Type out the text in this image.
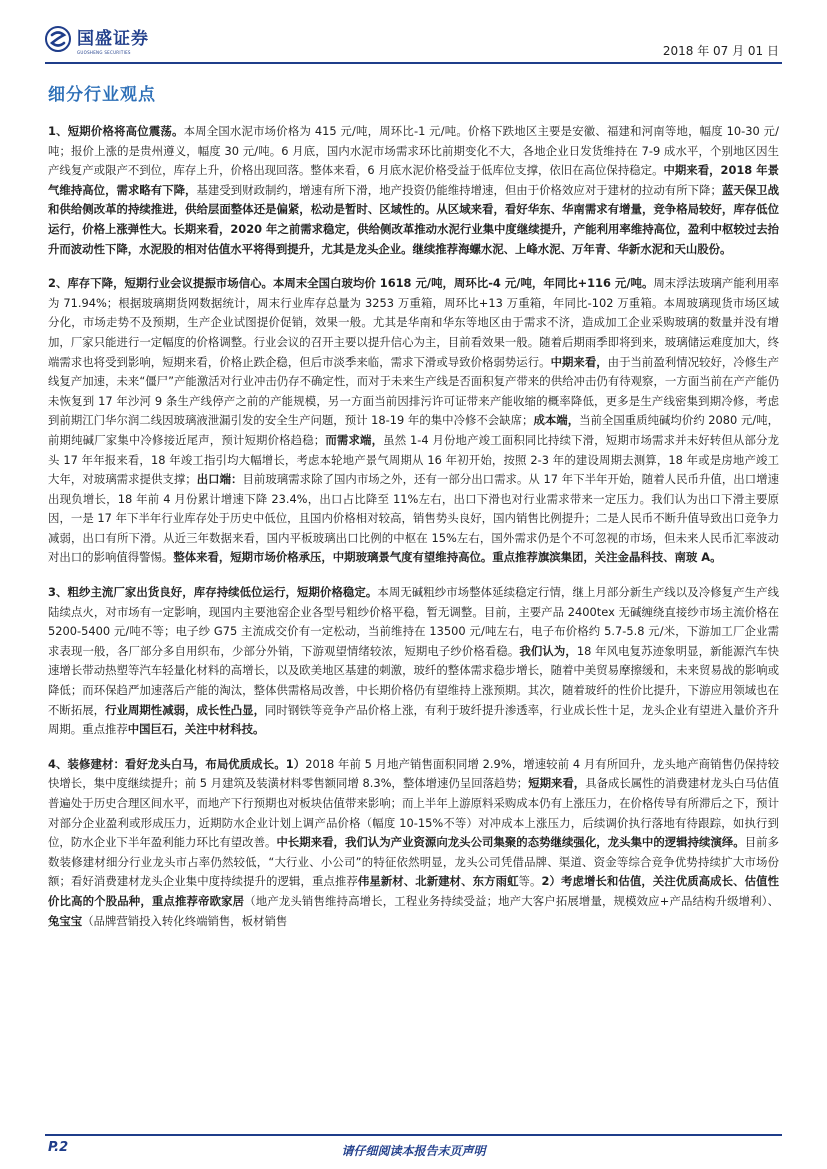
国盛证券
GUOSHENG SECURITIES	2018 年 07 月 01 日
细分行业观点

1、短期价格将高位震荡。本周全国水泥市场价格为 415 元/吨，周环比-1 元/吨。价格下跌地区主要是安徽、福建和河南等地，幅度 10-30 元/吨；报价上涨的是贵州遵义，幅度 30 元/吨。6 月底，国内水泥市场需求环比前期变化不大，各地企业日发货维持在 7-9 成水平，个别地区因生产线复产或限产不到位，库存上升，价格出现回落。整体来看，6 月底水泥价格受益于低库位支撑，依旧在高位保持稳定。中期来看，2018 年景气维持高位，需求略有下降，基建受到财政制约，增速有所下滑，地产投资仍能维持增速，但由于价格效应对于建材的拉动有所下降；蓝天保卫战和供给侧改革的持续推进，供给层面整体还是偏紧，松动是暂时、区域性的。从区域来看，看好华东、华南需求有增量，竞争格局较好，库存低位运行，价格上涨弹性大。长期来看，2020 年之前需求稳定，供给侧改革推动水泥行业集中度继续提升，产能利用率维持高位，盈利中枢较过去抬升而波动性下降，水泥股的相对估值水平将得到提升，尤其是龙头企业。继续推荐海螺水泥、上峰水泥、万年青、华新水泥和天山股份。

2、库存下降，短期行业会议提振市场信心。本周末全国白玻均价 1618 元/吨，周环比-4 元/吨，年同比+116 元/吨。周末浮法玻璃产能利用率为 71.94%；根据玻璃期货网数据统计，周末行业库存总量为 3253 万重箱，周环比+13 万重箱，年同比-102 万重箱。本周玻璃现货市场区域分化，市场走势不及预期，生产企业试图提价促销，效果一般。尤其是华南和华东等地区由于需求不济，造成加工企业采购玻璃的数量并没有增加，厂家只能进行一定幅度的价格调整。行业会议的召开主要以提升信心为主，目前看效果一般。随着后期雨季即将到来，玻璃储运难度加大，终端需求也将受到影响，短期来看，价格止跌企稳，但后市淡季来临，需求下滑或导致价格弱势运行。中期来看，由于当前盈利情况较好，冷修生产线复产加速，未来“僵尸”产能激活对行业冲击仍存不确定性，而对于未来生产线是否面积复产带来的供给冲击仍有待观察，一方面当前在产产能仍未恢复到 17 年沙河 9 条生产线停产之前的产能规模，另一方面当前因排污许可证带来产能收缩的概率降低，更多是生产线密集到期冷修，考虑到前期江门华尔润二线因玻璃液泄漏引发的安全生产问题，预计 18-19 年的集中冷修不会缺席；成本端，当前全国重质纯碱均价约 2080 元/吨，前期纯碱厂家集中冷修接近尾声，预计短期价格趋稳；而需求端，虽然 1-4 月份地产竣工面积同比持续下滑，短期市场需求并未好转但从部分龙头 17 年年报来看，18 年竣工指引均大幅增长，考虑本轮地产景气周期从 16 年初开始，按照 2-3 年的建设周期去测算，18 年或是房地产竣工大年，对玻璃需求提供支撑；出口端：目前玻璃需求除了国内市场之外，还有一部分出口需求。从 17 年下半年开始，随着人民币升值，出口增速出现负增长，18 年前 4 月份累计增速下降 23.4%，出口占比降至 11%左右，出口下滑也对行业需求带来一定压力。我们认为出口下滑主要原因，一是 17 年下半年行业库存处于历史中低位，且国内价格相对较高，销售势头良好，国内销售比例提升；二是人民币不断升值导致出口竞争力减弱，出口有所下滑。从近三年数据来看，国内平板玻璃出口比例的中枢在 15%左右，国外需求仍是个不可忽视的市场，但未来人民币汇率波动对出口的影响值得警惕。整体来看，短期市场价格承压，中期玻璃景气度有望维持高位。重点推荐旗滨集团，关注金晶科技、南玻 A。

3、粗纱主流厂家出货良好，库存持续低位运行，短期价格稳定。本周无碱粗纱市场整体延续稳定行情，继上月部分新生产线以及冷修复产生产线陆续点火，对市场有一定影响，现国内主要池窑企业各型号粗纱价格平稳，暂无调整。目前，主要产品 2400tex 无碱缠绕直接纱市场主流价格在 5200-5400 元/吨不等；电子纱 G75 主流成交价有一定松动，当前维持在 13500 元/吨左右，电子布价格约 5.7-5.8 元/米，下游加工厂企业需求表现一般，各厂部分多自用织布，少部分外销，下游观望情绪较浓，短期电子纱价格看稳。我们认为，18 年风电复苏迹象明显，新能源汽车快速增长带动热塑等汽车轻量化材料的高增长，以及欧美地区基建的刺激，玻纤的整体需求稳步增长，随着中美贸易摩擦缓和，未来贸易战的影响或降低；而环保趋严加速落后产能的淘汰，整体供需格局改善，中长期价格仍有望维持上涨预期。其次，随着玻纤的性价比提升，下游应用领域也在不断拓展，行业周期性减弱，成长性凸显，同时钢铁等竞争产品价格上涨，有利于玻纤提升渗透率，行业成长性十足，龙头企业有望进入量价齐升周期。重点推荐中国巨石，关注中材科技。

4、装修建材：看好龙头白马，布局优质成长。1）2018 年前 5 月地产销售面积同增 2.9%，增速较前 4 月有所回升，龙头地产商销售仍保持较快增长，集中度继续提升；前 5 月建筑及装潢材料零售额同增 8.3%，整体增速仍呈回落趋势；短期来看，具备成长属性的消费建材龙头白马估值普遍处于历史合理区间水平，而地产下行预期也对板块估值带来影响；而上半年上游原料采购成本仍有上涨压力，在价格传导有所滞后之下，预计对部分企业盈利或形成压力，近期防水企业计划上调产品价格（幅度 10-15%不等）对冲成本上涨压力，后续调价执行落地有待跟踪，如执行到位，防水企业下半年盈利能力环比有望改善。中长期来看，我们认为产业资源向龙头公司集聚的态势继续强化，龙头集中的逻辑持续演绎。目前多数装修建材细分行业龙头市占率仍然较低，“大行业、小公司”的特征依然明显，龙头公司凭借品牌、渠道、资金等综合竞争优势持续扩大市场份额；看好消费建材龙头企业集中度持续提升的逻辑，重点推荐伟星新材、北新建材、东方雨虹等。2）考虑增长和估值，关注优质高成长、估值性价比高的个股品种，重点推荐帝欧家居（地产龙头销售维持高增长，工程业务持续受益；地产大客户拓展增量，规模效应+产品结构升级增利）、兔宝宝（品牌营销投入转化终端销售，板材销售

P.2	请仔细阅读本报告末页声明
